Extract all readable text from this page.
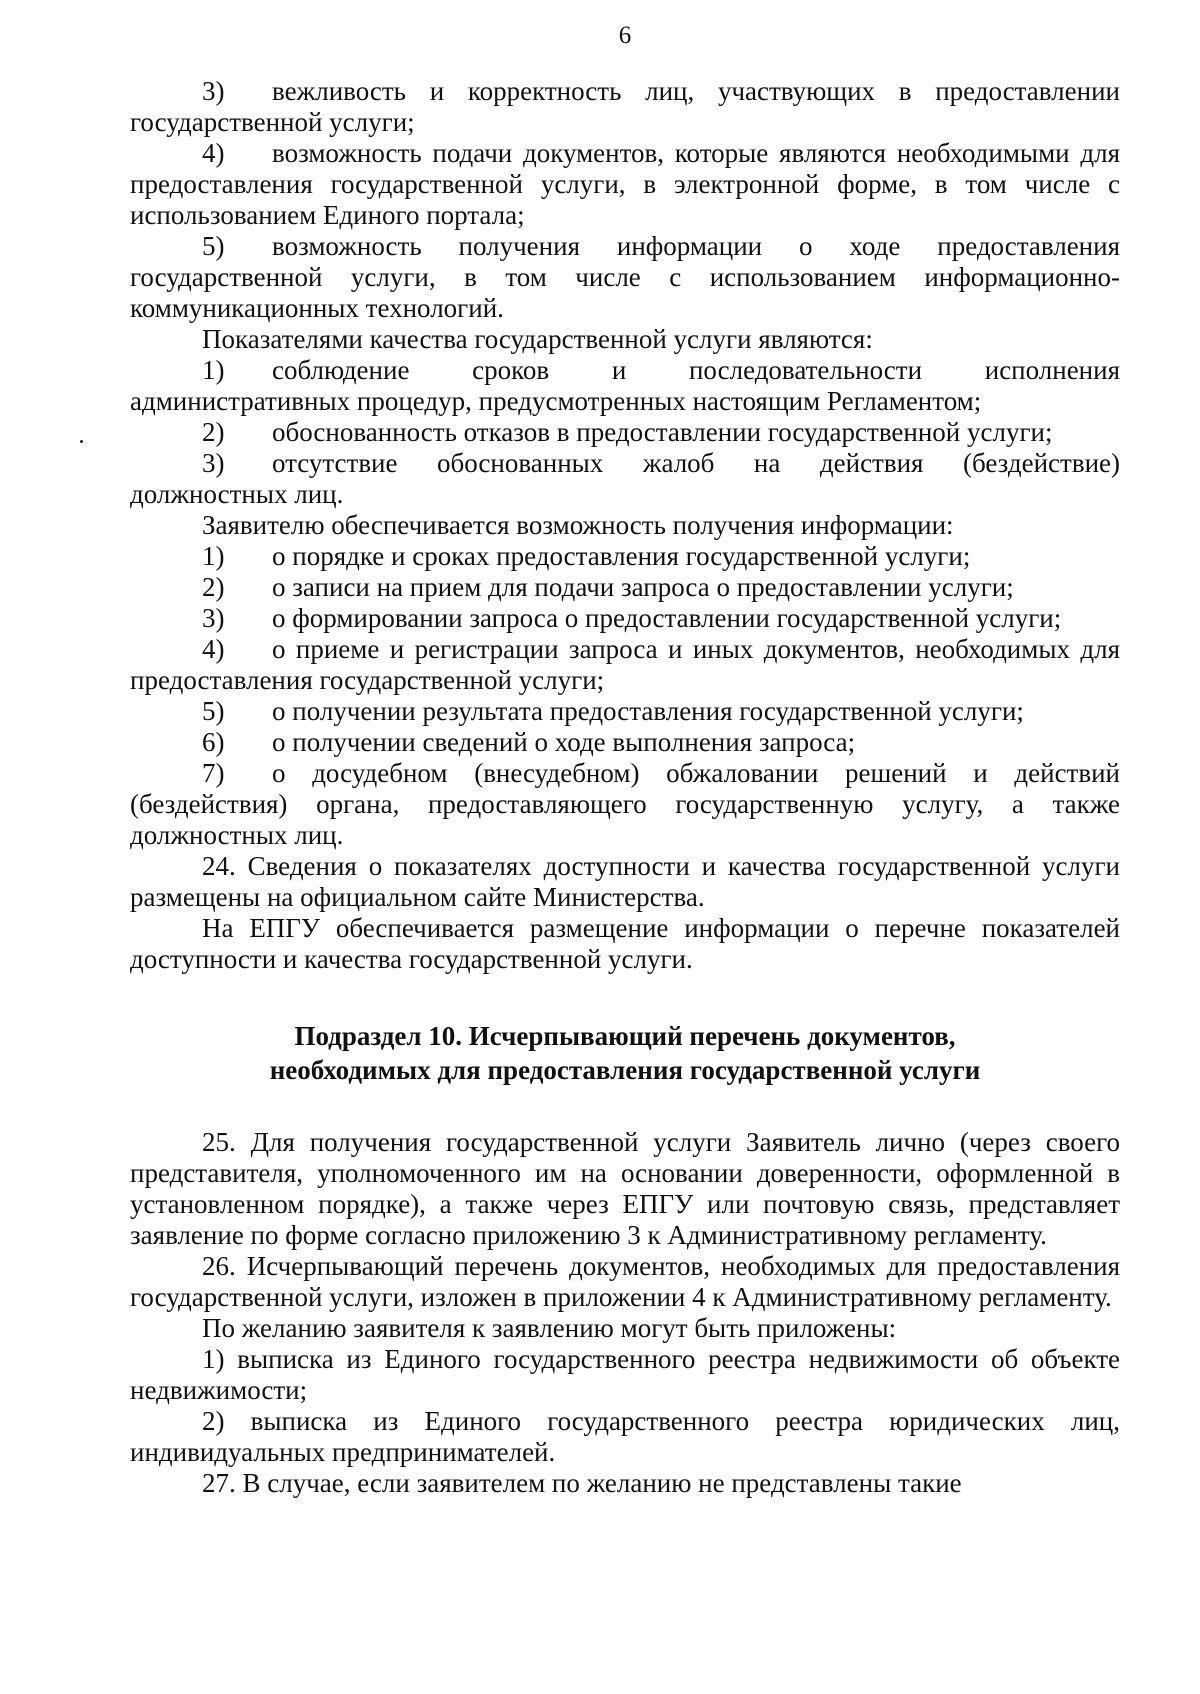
6

3) вежливость и корректность лиц, участвующих в предоставлении государственной услуги;

4) возможность подачи документов, которые являются необходимыми для предоставления государственной услуги, в электронной форме, в том числе с использованием Единого портала;

5) возможность получения информации о ходе предоставления государственной услуги, в том числе с использованием информационно-коммуникационных технологий.

Показателями качества государственной услуги являются:

1) соблюдение сроков и последовательности исполнения административных процедур, предусмотренных настоящим Регламентом;

2) обоснованность отказов в предоставлении государственной услуги;

3) отсутствие обоснованных жалоб на действия (бездействие) должностных лиц.

Заявителю обеспечивается возможность получения информации:

1) о порядке и сроках предоставления государственной услуги;

2) о записи на прием для подачи запроса о предоставлении услуги;

3) о формировании запроса о предоставлении государственной услуги;

4) о приеме и регистрации запроса и иных документов, необходимых для предоставления государственной услуги;

5) о получении результата предоставления государственной услуги;

6) о получении сведений о ходе выполнения запроса;

7) о досудебном (внесудебном) обжаловании решений и действий (бездействия) органа, предоставляющего государственную услугу, а также должностных лиц.

24. Сведения о показателях доступности и качества государственной услуги размещены на официальном сайте Министерства.

На ЕПГУ обеспечивается размещение информации о перечне показателей доступности и качества государственной услуги.

Подраздел 10. Исчерпывающий перечень документов,

необходимых для предоставления государственной услуги

25. Для получения государственной услуги Заявитель лично (через своего представителя, уполномоченного им на основании доверенности, оформленной в установленном порядке), а также через ЕПГУ или почтовую связь, представляет заявление по форме согласно приложению 3 к Административному регламенту.

26. Исчерпывающий перечень документов, необходимых для предоставления государственной услуги, изложен в приложении 4 к Административному регламенту.

По желанию заявителя к заявлению могут быть приложены:

1) выписка из Единого государственного реестра недвижимости об объекте недвижимости;

2) выписка из Единого государственного реестра юридических лиц, индивидуальных предпринимателей.

27. В случае, если заявителем по желанию не представлены такие
